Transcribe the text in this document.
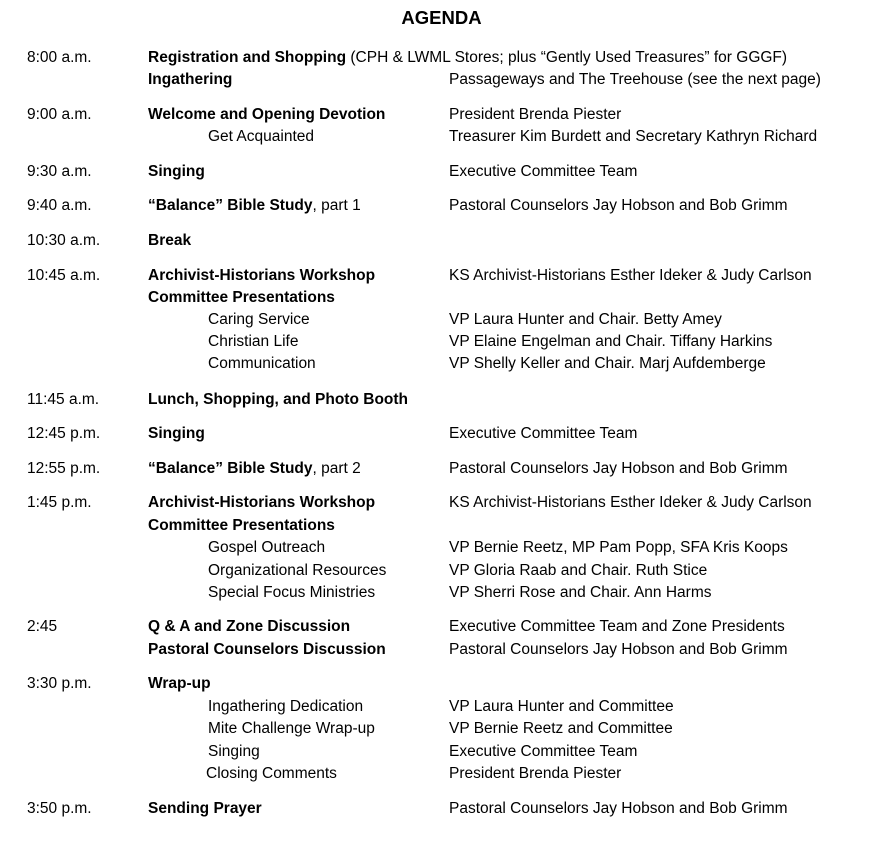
AGENDA
8:00 a.m.	Registration and Shopping (CPH & LWML Stores; plus “Gently Used Treasures” for GGGF)
Ingathering	Passageways and The Treehouse (see the next page)
9:00 a.m.	Welcome and Opening Devotion	President Brenda Piester
Get Acquainted	Treasurer Kim Burdett and Secretary Kathryn Richard
9:30 a.m.	Singing	Executive Committee Team
9:40 a.m.	“Balance” Bible Study, part 1	Pastoral Counselors Jay Hobson and Bob Grimm
10:30 a.m.	Break
10:45 a.m.	Archivist-Historians Workshop	KS Archivist-Historians Esther Ideker & Judy Carlson
Committee Presentations
Caring Service	VP Laura Hunter and Chair. Betty Amey
Christian Life	VP Elaine Engelman and Chair. Tiffany Harkins
Communication	VP Shelly Keller and Chair. Marj Aufdemberge
11:45 a.m.	Lunch, Shopping, and Photo Booth
12:45 p.m.	Singing	Executive Committee Team
12:55 p.m.	“Balance” Bible Study, part 2	Pastoral Counselors Jay Hobson and Bob Grimm
1:45 p.m.	Archivist-Historians Workshop	KS Archivist-Historians Esther Ideker & Judy Carlson
Committee Presentations
Gospel Outreach	VP Bernie Reetz, MP Pam Popp, SFA Kris Koops
Organizational Resources	VP Gloria Raab and Chair. Ruth Stice
Special Focus Ministries	VP Sherri Rose and Chair. Ann Harms
2:45	Q & A and Zone Discussion	Executive Committee Team and Zone Presidents
Pastoral Counselors Discussion	Pastoral Counselors Jay Hobson and Bob Grimm
3:30 p.m.	Wrap-up
Ingathering Dedication	VP Laura Hunter and Committee
Mite Challenge Wrap-up	VP Bernie Reetz and Committee
Singing	Executive Committee Team
Closing Comments	President Brenda Piester
3:50 p.m.	Sending Prayer	Pastoral Counselors Jay Hobson and Bob Grimm
